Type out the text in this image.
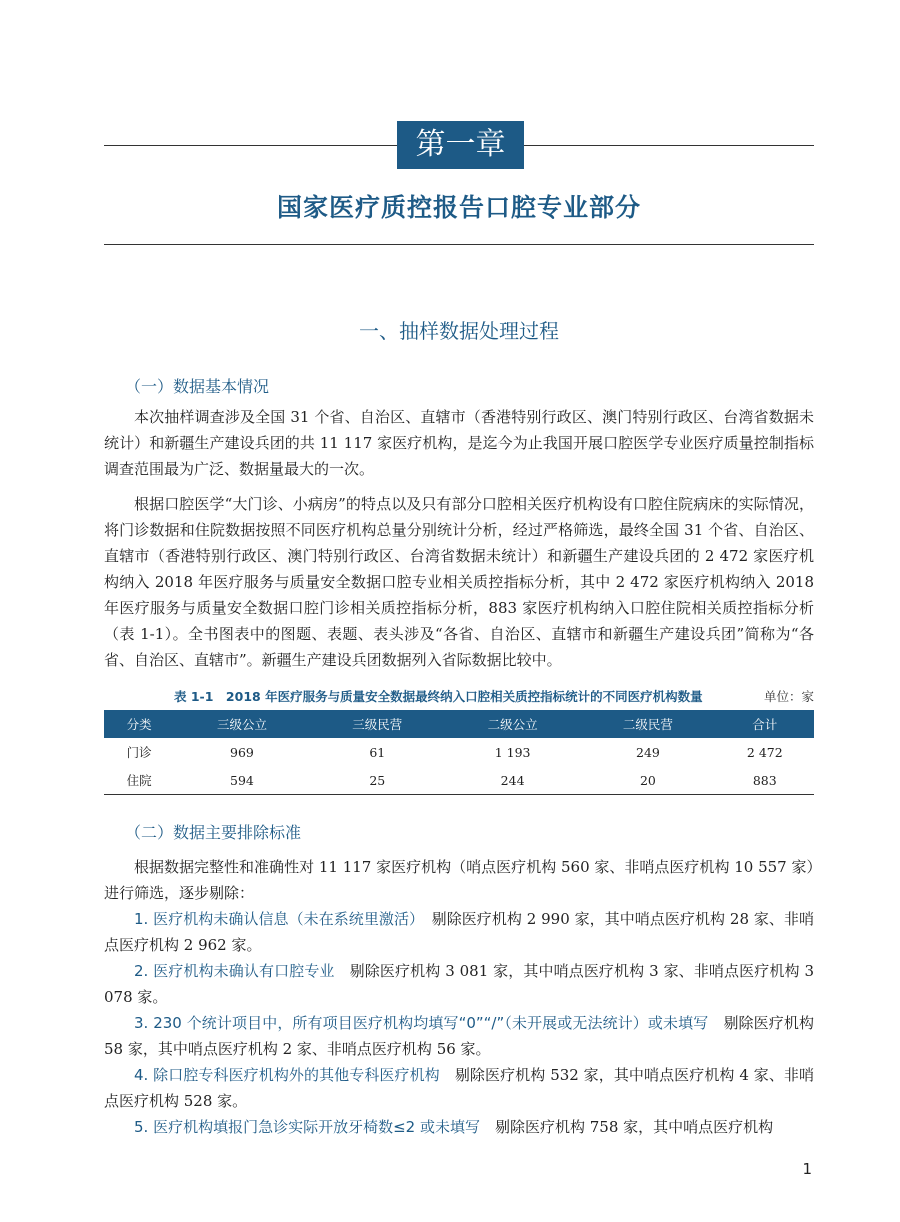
第一章
国家医疗质控报告口腔专业部分
一、抽样数据处理过程
（一）数据基本情况

本次抽样调查涉及全国 31 个省、自治区、直辖市（香港特别行政区、澳门特别行政区、台湾省数据未统计）和新疆生产建设兵团的共 11 117 家医疗机构，是迄今为止我国开展口腔医学专业医疗质量控制指标调查范围最为广泛、数据量最大的一次。

根据口腔医学“大门诊、小病房”的特点以及只有部分口腔相关医疗机构设有口腔住院病床的实际情况，将门诊数据和住院数据按照不同医疗机构总量分别统计分析，经过严格筛选，最终全国 31 个省、自治区、直辖市（香港特别行政区、澳门特别行政区、台湾省数据未统计）和新疆生产建设兵团的 2 472 家医疗机构纳入 2018 年医疗服务与质量安全数据口腔专业相关质控指标分析，其中 2 472 家医疗机构纳入 2018 年医疗服务与质量安全数据口腔门诊相关质控指标分析，883 家医疗机构纳入口腔住院相关质控指标分析（表 1-1）。全书图表中的图题、表题、表头涉及“各省、自治区、直辖市和新疆生产建设兵团”简称为“各省、自治区、直辖市”。新疆生产建设兵团数据列入省际数据比较中。

表 1-1　2018 年医疗服务与质量安全数据最终纳入口腔相关质控指标统计的不同医疗机构数量	单位：家
分类	三级公立	三级民营	二级公立	二级民营	合计
门诊	969	61	1 193	249	2 472
住院	594	25	244	20	883
（二）数据主要排除标准

根据数据完整性和准确性对 11 117 家医疗机构（哨点医疗机构 560 家、非哨点医疗机构 10 557 家）进行筛选，逐步剔除：

1. 医疗机构未确认信息（未在系统里激活）　 剔除医疗机构 2 990 家，其中哨点医疗机构 28 家、非哨点医疗机构 2 962 家。

2. 医疗机构未确认有口腔专业　 剔除医疗机构 3 081 家，其中哨点医疗机构 3 家、非哨点医疗机构 3 078 家。

3. 230 个统计项目中，所有项目医疗机构均填写“0”“/”（未开展或无法统计）或未填写　 剔除医疗机构 58 家，其中哨点医疗机构 2 家、非哨点医疗机构 56 家。

4. 除口腔专科医疗机构外的其他专科医疗机构　 剔除医疗机构 532 家，其中哨点医疗机构 4 家、非哨点医疗机构 528 家。

5. 医疗机构填报门急诊实际开放牙椅数≤2 或未填写　 剔除医疗机构 758 家，其中哨点医疗机构

1
